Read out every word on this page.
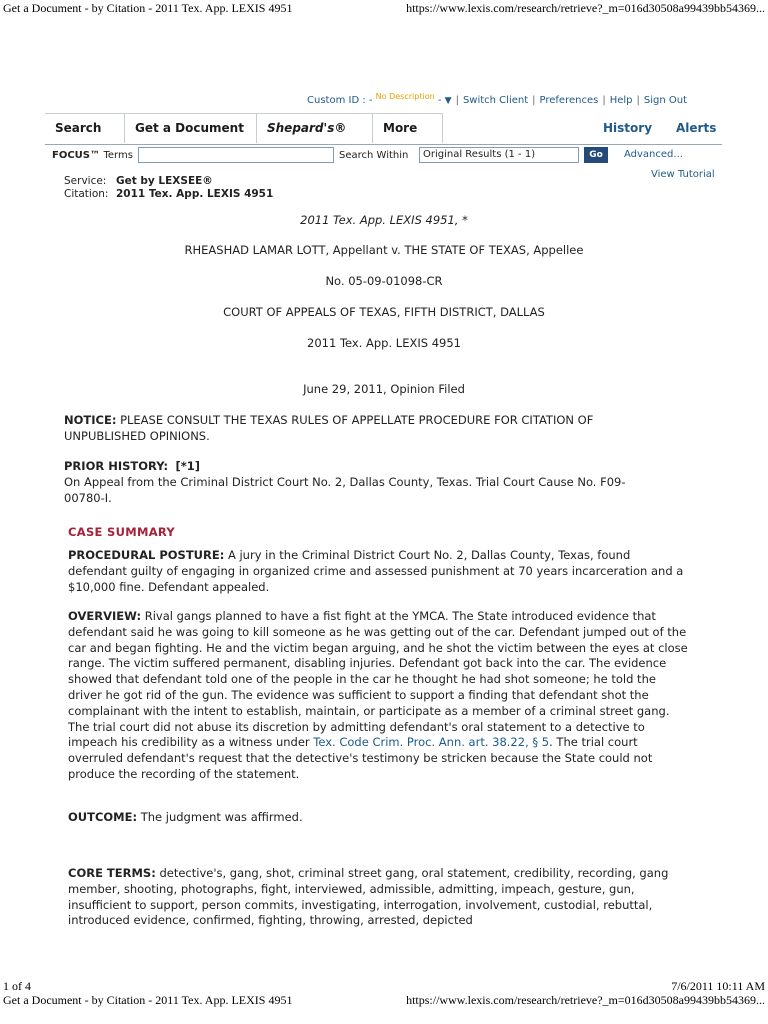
Get a Document - by Citation - 2011 Tex. App. LEXIS 4951	https://www.lexis.com/research/retrieve?_m=016d30508a99439bb54369...
Custom ID : - $^{No Description}$ - ▼ | Switch Client | Preferences | Help | Sign Out
Search	Get a Document	Shepard's®	More	History	Alerts
FOCUS™ Terms	Search Within	Original Results (1 - 1)	Go	Advanced...
View Tutorial
Service: Get by LEXSEE®
Citation: 2011 Tex. App. LEXIS 4951
2011 Tex. App. LEXIS 4951, *
RHEASHAD LAMAR LOTT, Appellant v. THE STATE OF TEXAS, Appellee
No. 05-09-01098-CR
COURT OF APPEALS OF TEXAS, FIFTH DISTRICT, DALLAS
2011 Tex. App. LEXIS 4951
June 29, 2011, Opinion Filed
NOTICE: PLEASE CONSULT THE TEXAS RULES OF APPELLATE PROCEDURE FOR CITATION OF UNPUBLISHED OPINIONS.
PRIOR HISTORY: [*1]
On Appeal from the Criminal District Court No. 2, Dallas County, Texas. Trial Court Cause No. F09-00780-I.
CASE SUMMARY
PROCEDURAL POSTURE: A jury in the Criminal District Court No. 2, Dallas County, Texas, found defendant guilty of engaging in organized crime and assessed punishment at 70 years incarceration and a $10,000 fine. Defendant appealed.
OVERVIEW: Rival gangs planned to have a fist fight at the YMCA. The State introduced evidence that defendant said he was going to kill someone as he was getting out of the car. Defendant jumped out of the car and began fighting. He and the victim began arguing, and he shot the victim between the eyes at close range. The victim suffered permanent, disabling injuries. Defendant got back into the car. The evidence showed that defendant told one of the people in the car he thought he had shot someone; he told the driver he got rid of the gun. The evidence was sufficient to support a finding that defendant shot the complainant with the intent to establish, maintain, or participate as a member of a criminal street gang. The trial court did not abuse its discretion by admitting defendant's oral statement to a detective to impeach his credibility as a witness under Tex. Code Crim. Proc. Ann. art. 38.22, § 5. The trial court overruled defendant's request that the detective's testimony be stricken because the State could not produce the recording of the statement.
OUTCOME: The judgment was affirmed.
CORE TERMS: detective's, gang, shot, criminal street gang, oral statement, credibility, recording, gang member, shooting, photographs, fight, interviewed, admissible, admitting, impeach, gesture, gun, insufficient to support, person commits, investigating, interrogation, involvement, custodial, rebuttal, introduced evidence, confirmed, fighting, throwing, arrested, depicted
1 of 4	7/6/2011 10:11 AM
Get a Document - by Citation - 2011 Tex. App. LEXIS 4951	https://www.lexis.com/research/retrieve?_m=016d30508a99439bb54369...
